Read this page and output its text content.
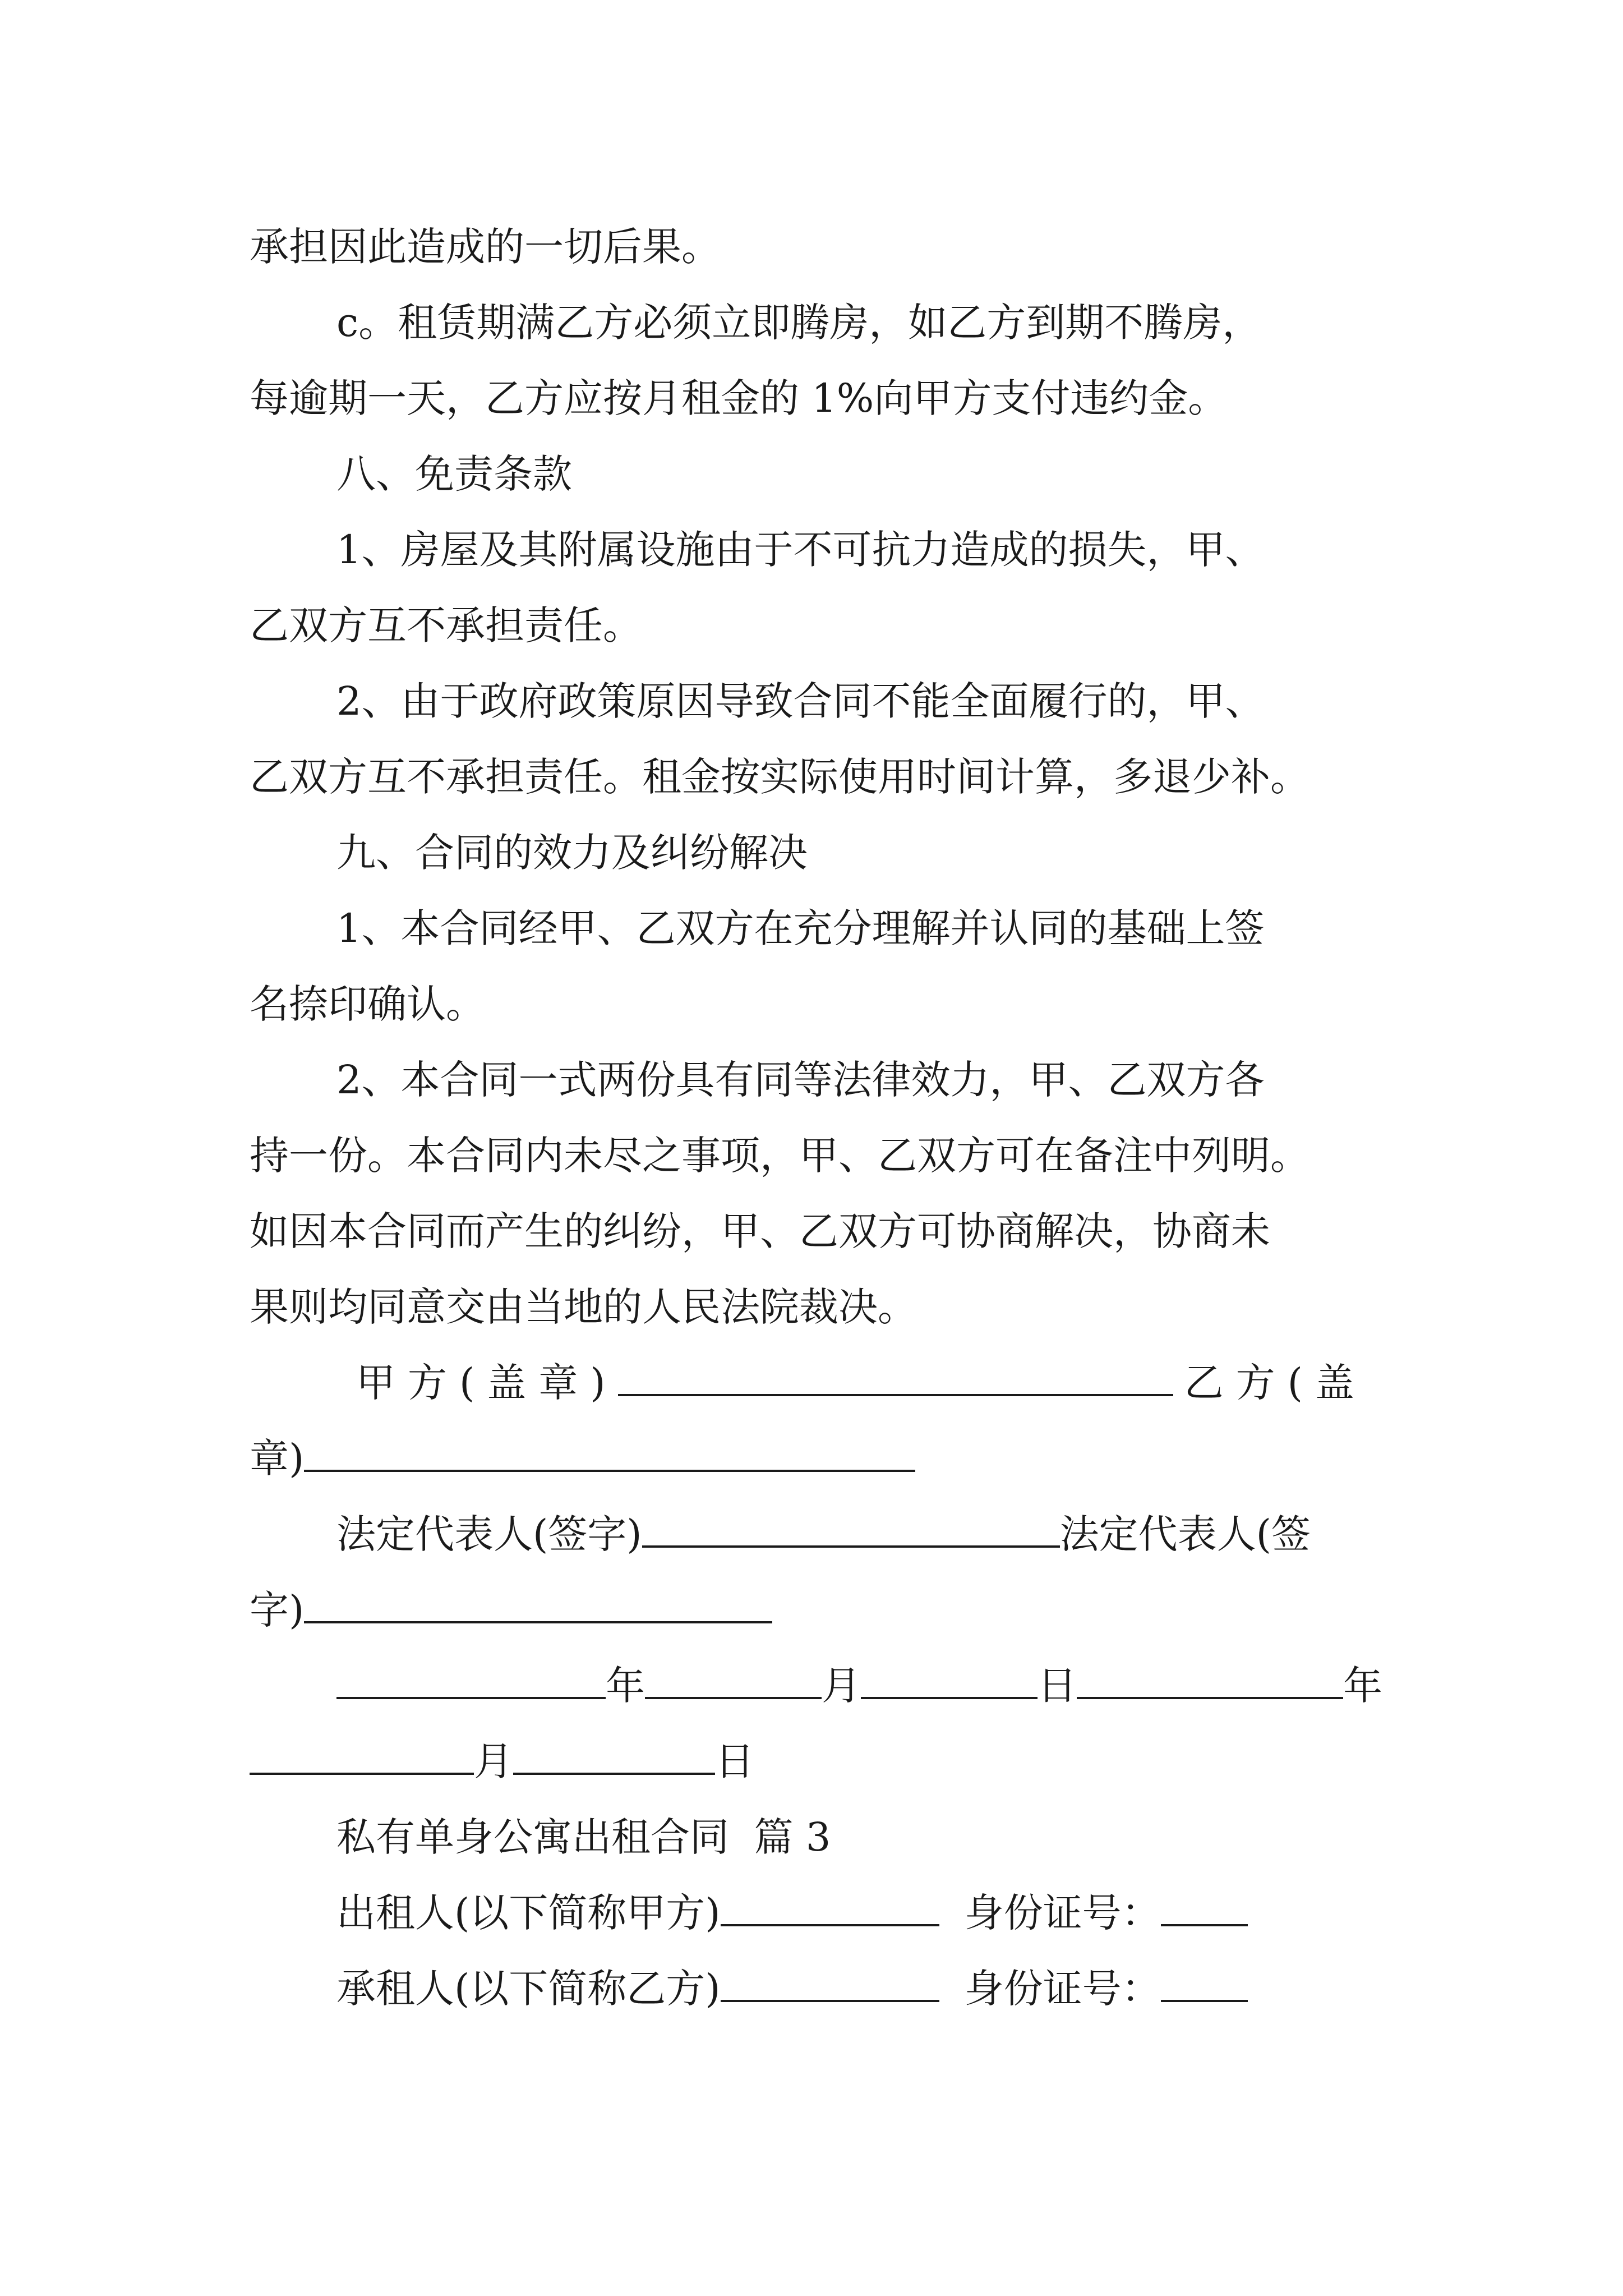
承担因此造成的一切后果。
c。租赁期满乙方必须立即腾房，如乙方到期不腾房，
每逾期一天，乙方应按月租金的 1%向甲方支付违约金。
八、免责条款
1、房屋及其附属设施由于不可抗力造成的损失，甲、
乙双方互不承担责任。
2、由于政府政策原因导致合同不能全面履行的，甲、
乙双方互不承担责任。租金按实际使用时间计算，多退少补。
九、合同的效力及纠纷解决
1、本合同经甲、乙双方在充分理解并认同的基础上签
名捺印确认。
2、本合同一式两份具有同等法律效力，甲、乙双方各
持一份。本合同内未尽之事项，甲、乙双方可在备注中列明。
如因本合同而产生的纠纷，甲、乙双方可协商解决，协商未
果则均同意交由当地的人民法院裁决。
甲方(盖章)	乙方(盖
章)
法定代表人(签字)	法定代表人(签
字)
年	月	日	年
月	日
私有单身公寓出租合同  篇 3
出租人(以下简称甲方)	身份证号：
承租人(以下简称乙方)	身份证号：
